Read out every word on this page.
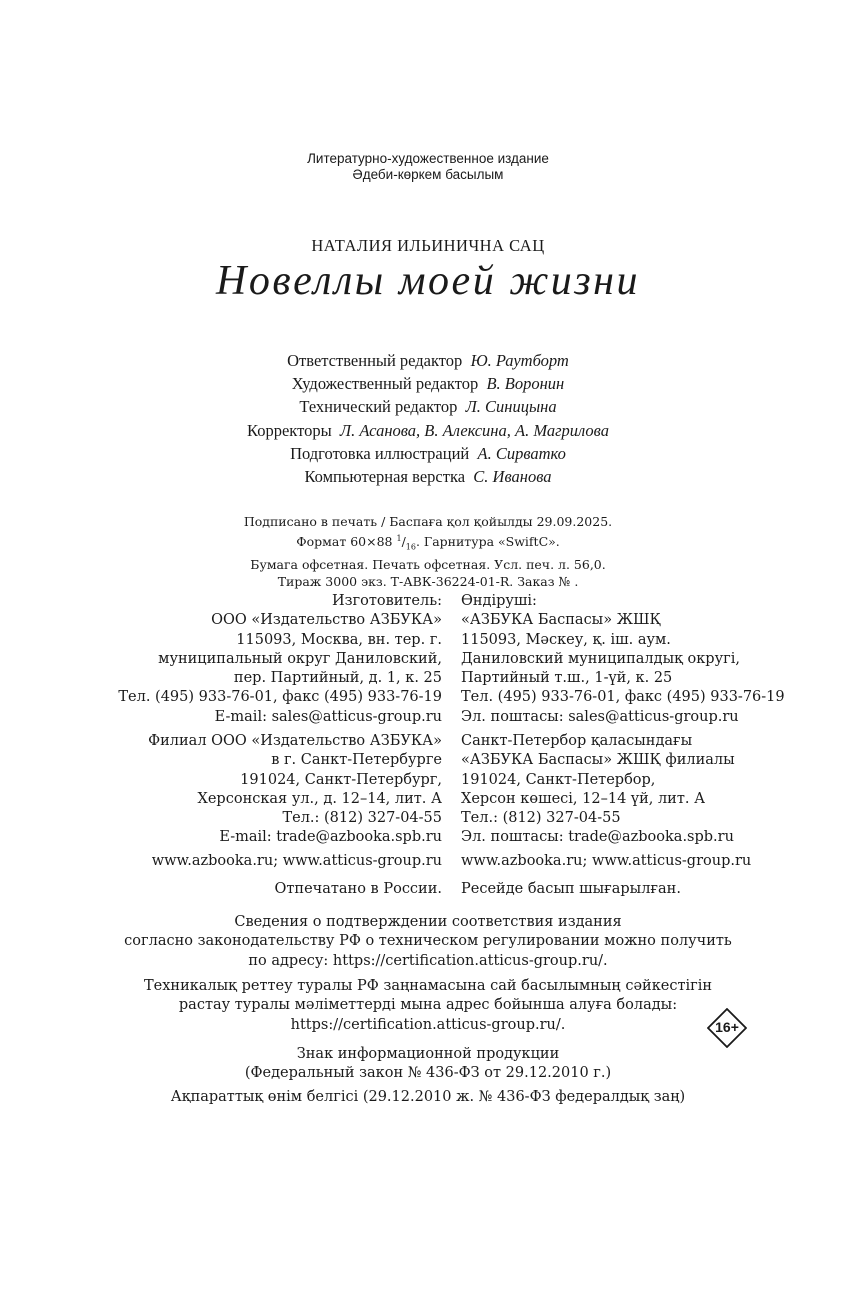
Литературно-художественное издание
Әдеби-көркем басылым
НАТАЛИЯ ИЛЬИНИЧНА САЦ
Новеллы моей жизни
Ответственный редактор Ю. Раутборт
Художественный редактор В. Воронин
Технический редактор Л. Синицына
Корректоры Л. Асанова, В. Алексина, А. Магрилова
Подготовка иллюстраций А. Сирватко
Компьютерная верстка С. Иванова
Подписано в печать / Баспаға қол қойылды 29.09.2025.
Формат 60×88 $^1/_{16}$. Гарнитура «SwiftC».
Бумага офсетная. Печать офсетная. Усл. печ. л. 56,0.
Тираж 3000 экз. Т-АВК-36224-01-R. Заказ № .
Изготовитель:
ООО «Издательство АЗБУКА»
115093, Москва, вн. тер. г.
муниципальный округ Даниловский,
пер. Партийный, д. 1, к. 25
Тел. (495) 933-76-01, факс (495) 933-76-19
E-mail: sales@atticus-group.ru
Өндіруші:
«АЗБУКА Баспасы» ЖШҚ
115093, Мәскеу, қ. іш. аум.
Даниловский муниципалдық округі,
Партийный т.ш., 1-үй, к. 25
Тел. (495) 933-76-01, факс (495) 933-76-19
Эл. поштасы: sales@atticus-group.ru
Филиал ООО «Издательство АЗБУКА»
в г. Санкт-Петербурге
191024, Санкт-Петербург,
Херсонская ул., д. 12–14, лит. А
Тел.: (812) 327-04-55
E-mail: trade@azbooka.spb.ru
Санкт-Петербор қаласындағы
«АЗБУКА Баспасы» ЖШҚ филиалы
191024, Санкт-Петербор,
Херсон көшесі, 12–14 үй, лит. А
Тел.: (812) 327-04-55
Эл. поштасы: trade@azbooka.spb.ru
www.azbooka.ru; www.atticus-group.ru www.azbooka.ru; www.atticus-group.ru
Отпечатано в России. Ресейде басып шығарылған.
Сведения о подтверждении соответствия издания
согласно законодательству РФ о техническом регулировании можно получить
по адресу: https://certification.atticus-group.ru/.
Техникалық реттеу туралы РФ заңнамасына сай басылымның сәйкестігін
растау туралы мәліметтерді мына адрес бойынша алуға болады:
https://certification.atticus-group.ru/.	16+
Знак информационной продукции
(Федеральный закон № 436-ФЗ от 29.12.2010 г.)
Ақпараттық өнім белгісі (29.12.2010 ж. № 436-ФЗ федералдық заң)
